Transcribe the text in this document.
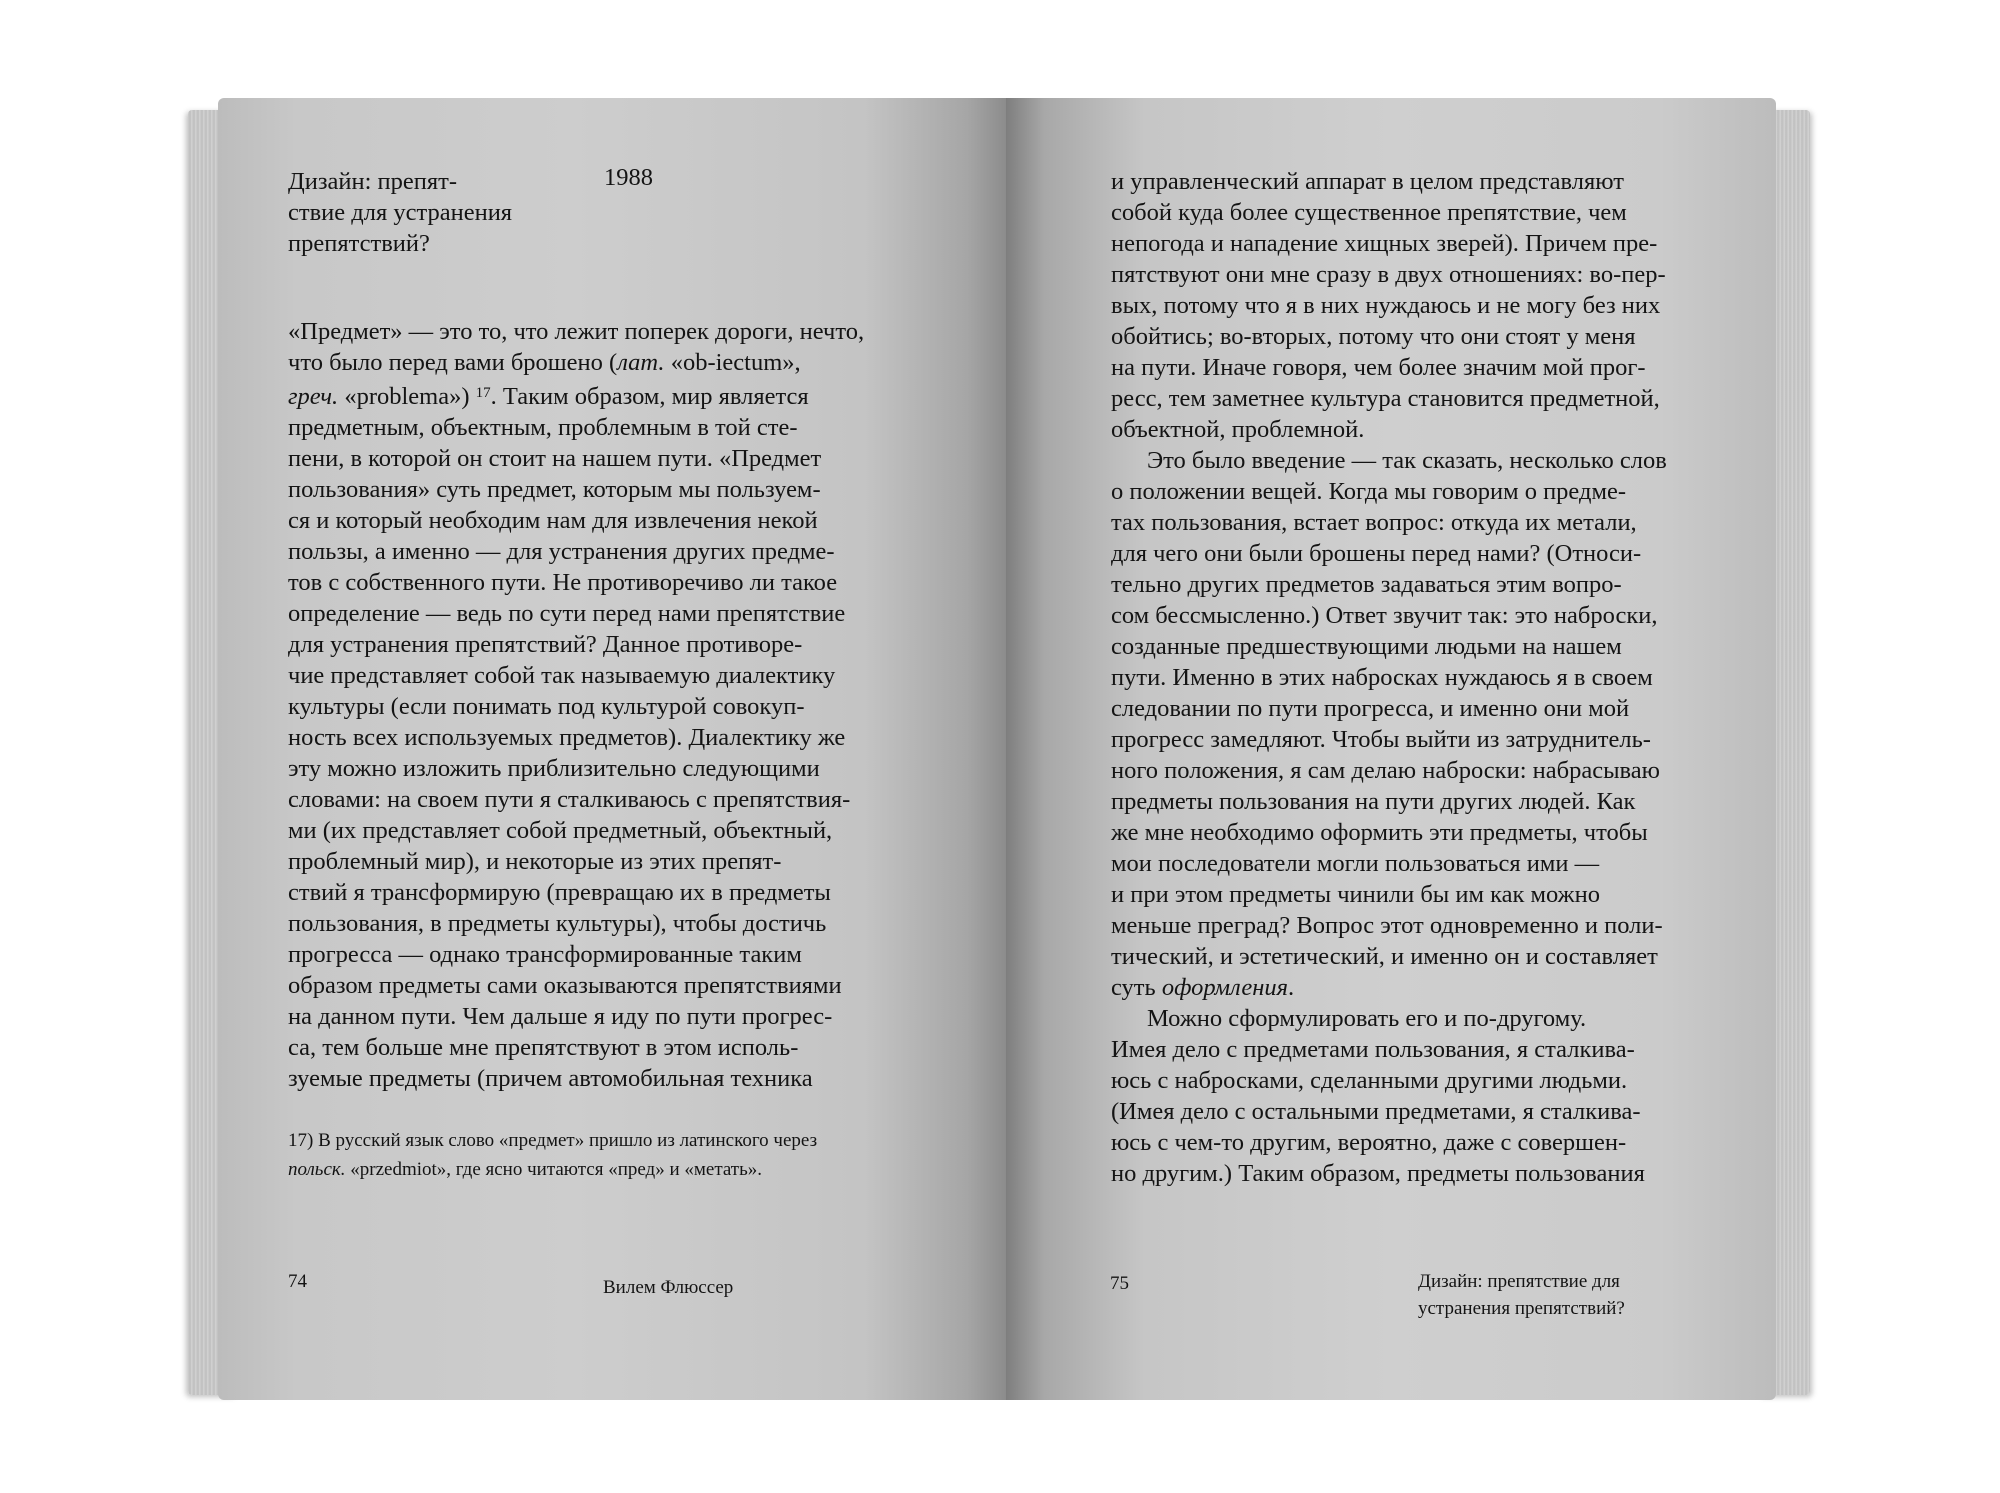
Дизайн: препят-
ствие для устранения
препятствий?
1988
«Предмет» — это то, что лежит поперек дороги, нечто,
что было перед вами брошено (лат. «ob-iectum»,
греч. «problema») $^{17}$. Таким образом, мир является
предметным, объектным, проблемным в той сте-
пени, в которой он стоит на нашем пути. «Предмет
пользования» суть предмет, которым мы пользуем-
ся и который необходим нам для извлечения некой
пользы, а именно — для устранения других предме-
тов с собственного пути. Не противоречиво ли такое
определение — ведь по сути перед нами препятствие
для устранения препятствий? Данное противоре-
чие представляет собой так называемую диалектику
культуры (если понимать под культурой совокуп-
ность всех используемых предметов). Диалектику же
эту можно изложить приблизительно следующими
словами: на своем пути я сталкиваюсь с препятствия-
ми (их представляет собой предметный, объектный,
проблемный мир), и некоторые из этих препят-
ствий я трансформирую (превращаю их в предметы
пользования, в предметы культуры), чтобы достичь
прогресса — однако трансформированные таким
образом предметы сами оказываются препятствиями
на данном пути. Чем дальше я иду по пути прогрес-
са, тем больше мне препятствуют в этом исполь-
зуемые предметы (причем автомобильная техника
17) В русский язык слово «предмет» пришло из латинского через
польск. «przedmiot», где ясно читаются «пред» и «метать».
74	Вилем Флюссер
и управленческий аппарат в целом представляют
собой куда более существенное препятствие, чем
непогода и нападение хищных зверей). Причем пре-
пятствуют они мне сразу в двух отношениях: во-пер-
вых, потому что я в них нуждаюсь и не могу без них
обойтись; во-вторых, потому что они стоят у меня
на пути. Иначе говоря, чем более значим мой прог-
ресс, тем заметнее культура становится предметной,
объектной, проблемной.
Это было введение — так сказать, несколько слов
о положении вещей. Когда мы говорим о предме-
тах пользования, встает вопрос: откуда их метали,
для чего они были брошены перед нами? (Относи-
тельно других предметов задаваться этим вопро-
сом бессмысленно.) Ответ звучит так: это наброски,
созданные предшествующими людьми на нашем
пути. Именно в этих набросках нуждаюсь я в своем
следовании по пути прогресса, и именно они мой
прогресс замедляют. Чтобы выйти из затруднитель-
ного положения, я сам делаю наброски: набрасываю
предметы пользования на пути других людей. Как
же мне необходимо оформить эти предметы, чтобы
мои последователи могли пользоваться ими —
и при этом предметы чинили бы им как можно
меньше преград? Вопрос этот одновременно и поли-
тический, и эстетический, и именно он и составляет
суть оформления.
Можно сформулировать его и по-другому.
Имея дело с предметами пользования, я сталкива-
юсь с набросками, сделанными другими людьми.
(Имея дело с остальными предметами, я сталкива-
юсь с чем-то другим, вероятно, даже с совершен-
но другим.) Таким образом, предметы пользования
75	Дизайн: препятствие для
устранения препятствий?
